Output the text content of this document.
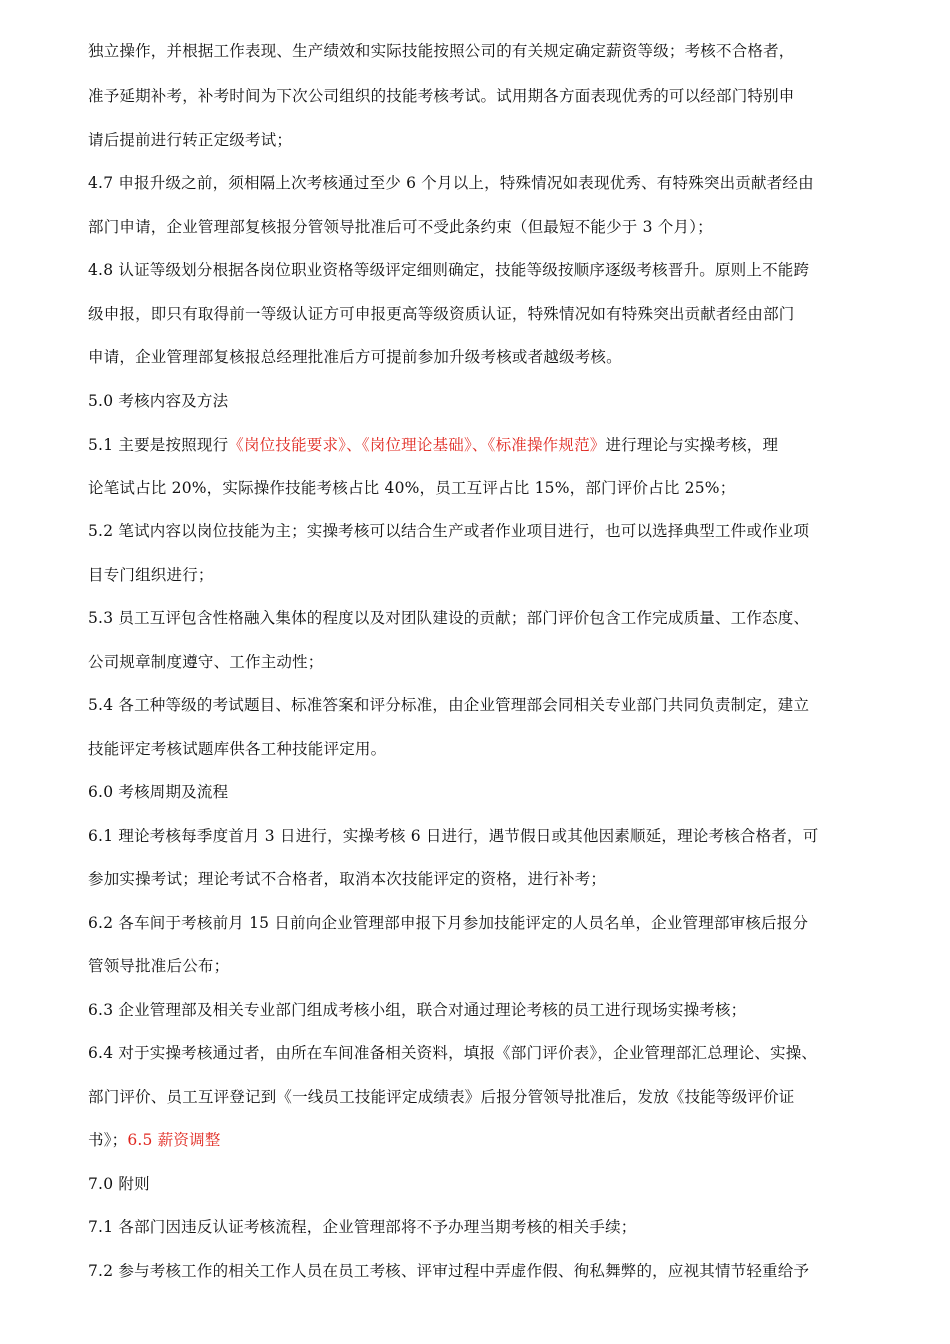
独立操作，并根据工作表现、生产绩效和实际技能按照公司的有关规定确定薪资等级；考核不合格者，
准予延期补考，补考时间为下次公司组织的技能考核考试。试用期各方面表现优秀的可以经部门特别申
请后提前进行转正定级考试；
4.7 申报升级之前，须相隔上次考核通过至少 6 个月以上，特殊情况如表现优秀、有特殊突出贡献者经由
部门申请，企业管理部复核报分管领导批准后可不受此条约束（但最短不能少于 3 个月）；
4.8 认证等级划分根据各岗位职业资格等级评定细则确定，技能等级按顺序逐级考核晋升。原则上不能跨
级申报，即只有取得前一等级认证方可申报更高等级资质认证，特殊情况如有特殊突出贡献者经由部门
申请，企业管理部复核报总经理批准后方可提前参加升级考核或者越级考核。
5.0 考核内容及方法
5.1 主要是按照现行《岗位技能要求》、《岗位理论基础》、《标准操作规范》进行理论与实操考核，理
论笔试占比 20%，实际操作技能考核占比 40%，员工互评占比 15%，部门评价占比 25%；
5.2 笔试内容以岗位技能为主；实操考核可以结合生产或者作业项目进行，也可以选择典型工件或作业项
目专门组织进行；
5.3 员工互评包含性格融入集体的程度以及对团队建设的贡献；部门评价包含工作完成质量、工作态度、
公司规章制度遵守、工作主动性；
5.4 各工种等级的考试题目、标准答案和评分标准，由企业管理部会同相关专业部门共同负责制定，建立
技能评定考核试题库供各工种技能评定用。
6.0 考核周期及流程
6.1 理论考核每季度首月 3 日进行，实操考核 6 日进行，遇节假日或其他因素顺延，理论考核合格者，可
参加实操考试；理论考试不合格者，取消本次技能评定的资格，进行补考；
6.2 各车间于考核前月 15 日前向企业管理部申报下月参加技能评定的人员名单，企业管理部审核后报分
管领导批准后公布；
6.3 企业管理部及相关专业部门组成考核小组，联合对通过理论考核的员工进行现场实操考核；
6.4 对于实操考核通过者，由所在车间准备相关资料，填报《部门评价表》，企业管理部汇总理论、实操、
部门评价、员工互评登记到《一线员工技能评定成绩表》后报分管领导批准后，发放《技能等级评价证
书》；6.5 薪资调整
7.0 附则
7.1 各部门因违反认证考核流程，企业管理部将不予办理当期考核的相关手续；
7.2 参与考核工作的相关工作人员在员工考核、评审过程中弄虚作假、徇私舞弊的，应视其情节轻重给予
